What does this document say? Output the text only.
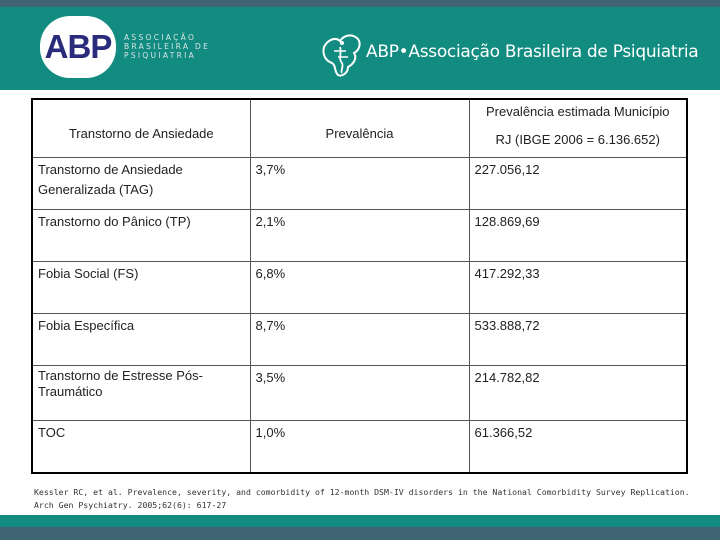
ABP ASSOCIAÇÃO
BRASILEIRA DE
PSIQUIATRIA	ABP•Associação Brasileira de Psiquiatria
Transtorno de Ansiedade	Prevalência	Prevalência estimada Município
RJ (IBGE 2006 = 6.136.652)

Transtorno de Ansiedade Generalizada (TAG)	3,7%	227.056,12
Transtorno do Pânico (TP)	2,1%	128.869,69
Fobia Social (FS)	6,8%	417.292,33
Fobia Específica	8,7%	533.888,72
Transtorno de Estresse Pós-Traumático	3,5%	214.782,82
TOC	1,0%	61.366,52
Kessler RC, et al. Prevalence, severity, and comorbidity of 12-month DSM-IV disorders in the National Comorbidity Survey Replication.
Arch Gen Psychiatry. 2005;62(6): 617-27
